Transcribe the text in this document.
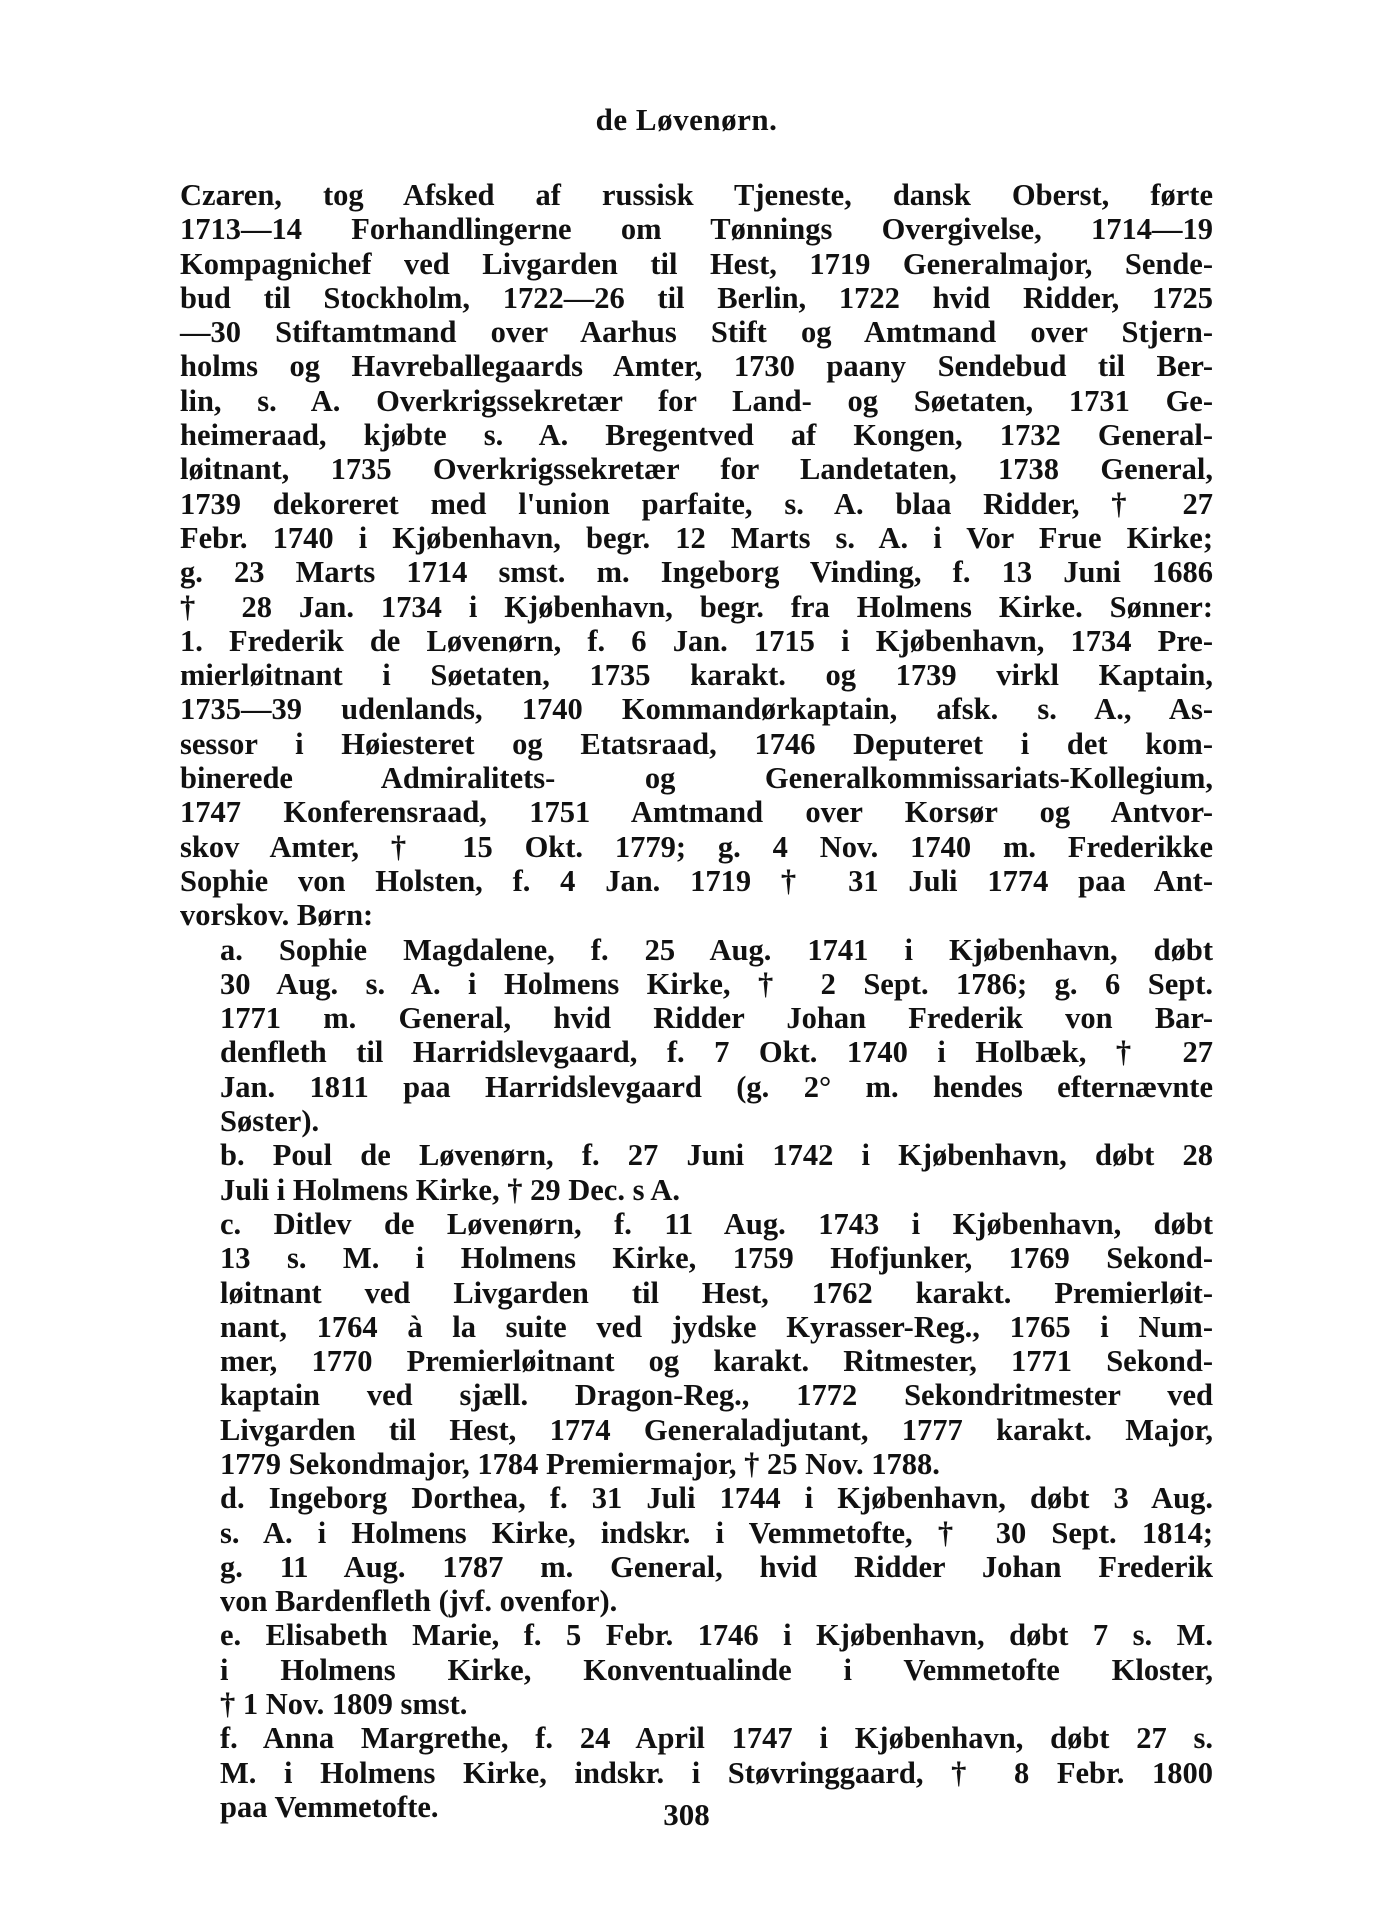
de Løvenørn.
Czaren, tog Afsked af russisk Tjeneste, dansk Oberst, førte
1713—14 Forhandlingerne om Tønnings Overgivelse, 1714—19
Kompagnichef ved Livgarden til Hest, 1719 Generalmajor, Sende-
bud til Stockholm, 1722—26 til Berlin, 1722 hvid Ridder, 1725
—30 Stiftamtmand over Aarhus Stift og Amtmand over Stjern-
holms og Havreballegaards Amter, 1730 paany Sendebud til Ber-
lin, s. A. Overkrigssekretær for Land- og Søetaten, 1731 Ge-
heimeraad, kjøbte s. A. Bregentved af Kongen, 1732 General-
løitnant, 1735 Overkrigssekretær for Landetaten, 1738 General,
1739 dekoreret med l'union parfaite, s. A. blaa Ridder, † 27
Febr. 1740 i Kjøbenhavn, begr. 12 Marts s. A. i Vor Frue Kirke;
g. 23 Marts 1714 smst. m. Ingeborg Vinding, f. 13 Juni 1686
† 28 Jan. 1734 i Kjøbenhavn, begr. fra Holmens Kirke. Sønner:
1. Frederik de Løvenørn, f. 6 Jan. 1715 i Kjøbenhavn, 1734 Pre-
mierløitnant i Søetaten, 1735 karakt. og 1739 virkl Kaptain,
1735—39 udenlands, 1740 Kommandørkaptain, afsk. s. A., As-
sessor i Høiesteret og Etatsraad, 1746 Deputeret i det kom-
binerede Admiralitets- og Generalkommissariats-Kollegium,
1747 Konferensraad, 1751 Amtmand over Korsør og Antvor-
skov Amter, † 15 Okt. 1779; g. 4 Nov. 1740 m. Frederikke
Sophie von Holsten, f. 4 Jan. 1719 † 31 Juli 1774 paa Ant-
vorskov. Børn:
a. Sophie Magdalene, f. 25 Aug. 1741 i Kjøbenhavn, døbt
30 Aug. s. A. i Holmens Kirke, † 2 Sept. 1786; g. 6 Sept.
1771 m. General, hvid Ridder Johan Frederik von Bar-
denfleth til Harridslevgaard, f. 7 Okt. 1740 i Holbæk, † 27
Jan. 1811 paa Harridslevgaard (g. 2° m. hendes efternævnte
Søster).
b. Poul de Løvenørn, f. 27 Juni 1742 i Kjøbenhavn, døbt 28
Juli i Holmens Kirke, † 29 Dec. s A.
c. Ditlev de Løvenørn, f. 11 Aug. 1743 i Kjøbenhavn, døbt
13 s. M. i Holmens Kirke, 1759 Hofjunker, 1769 Sekond-
løitnant ved Livgarden til Hest, 1762 karakt. Premierløit-
nant, 1764 à la suite ved jydske Kyrasser-Reg., 1765 i Num-
mer, 1770 Premierløitnant og karakt. Ritmester, 1771 Sekond-
kaptain ved sjæll. Dragon-Reg., 1772 Sekondritmester ved
Livgarden til Hest, 1774 Generaladjutant, 1777 karakt. Major,
1779 Sekondmajor, 1784 Premiermajor, † 25 Nov. 1788.
d. Ingeborg Dorthea, f. 31 Juli 1744 i Kjøbenhavn, døbt 3 Aug.
s. A. i Holmens Kirke, indskr. i Vemmetofte, † 30 Sept. 1814;
g. 11 Aug. 1787 m. General, hvid Ridder Johan Frederik
von Bardenfleth (jvf. ovenfor).
e. Elisabeth Marie, f. 5 Febr. 1746 i Kjøbenhavn, døbt 7 s. M.
i Holmens Kirke, Konventualinde i Vemmetofte Kloster,
† 1 Nov. 1809 smst.
f. Anna Margrethe, f. 24 April 1747 i Kjøbenhavn, døbt 27 s.
M. i Holmens Kirke, indskr. i Støvringgaard, † 8 Febr. 1800
paa Vemmetofte.	308
